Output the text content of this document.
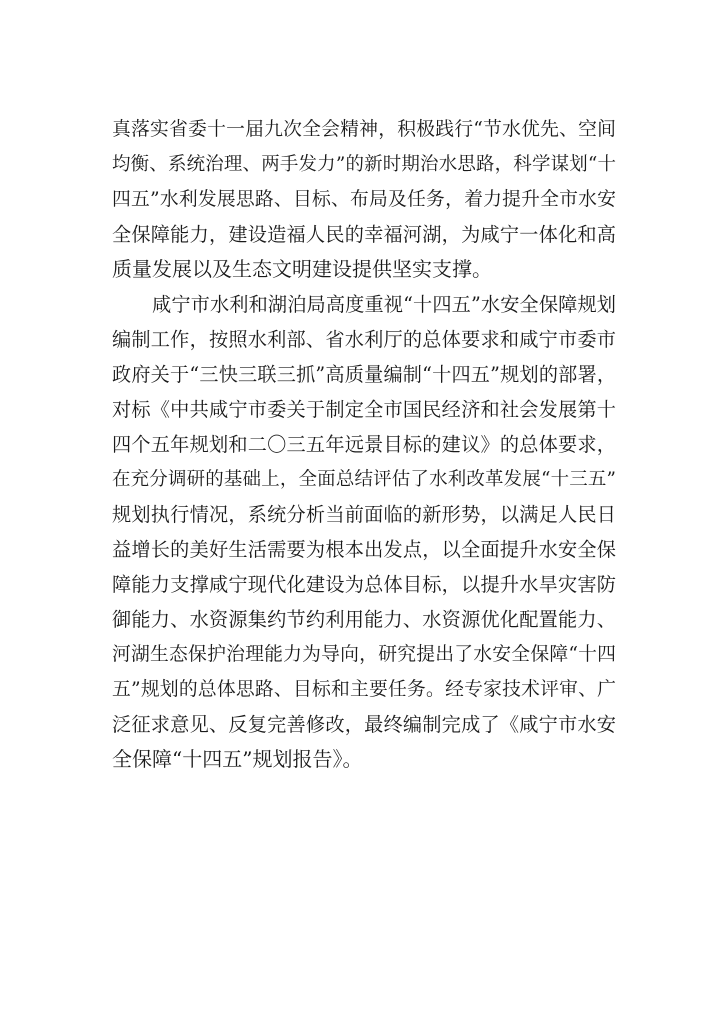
真落实省委十一届九次全会精神，积极践行“节水优先、空间
均衡、系统治理、两手发力”的新时期治水思路，科学谋划“十
四五”水利发展思路、目标、布局及任务，着力提升全市水安
全保障能力，建设造福人民的幸福河湖，为咸宁一体化和高
质量发展以及生态文明建设提供坚实支撑。
咸宁市水利和湖泊局高度重视“十四五”水安全保障规划
编制工作，按照水利部、省水利厅的总体要求和咸宁市委市
政府关于“三快三联三抓”高质量编制“十四五”规划的部署，
对标《中共咸宁市委关于制定全市国民经济和社会发展第十
四个五年规划和二〇三五年远景目标的建议》的总体要求，
在充分调研的基础上，全面总结评估了水利改革发展“十三五”
规划执行情况，系统分析当前面临的新形势，以满足人民日
益增长的美好生活需要为根本出发点，以全面提升水安全保
障能力支撑咸宁现代化建设为总体目标，以提升水旱灾害防
御能力、水资源集约节约利用能力、水资源优化配置能力、
河湖生态保护治理能力为导向，研究提出了水安全保障“十四
五”规划的总体思路、目标和主要任务。经专家技术评审、广
泛征求意见、反复完善修改，最终编制完成了《咸宁市水安
全保障“十四五”规划报告》。
